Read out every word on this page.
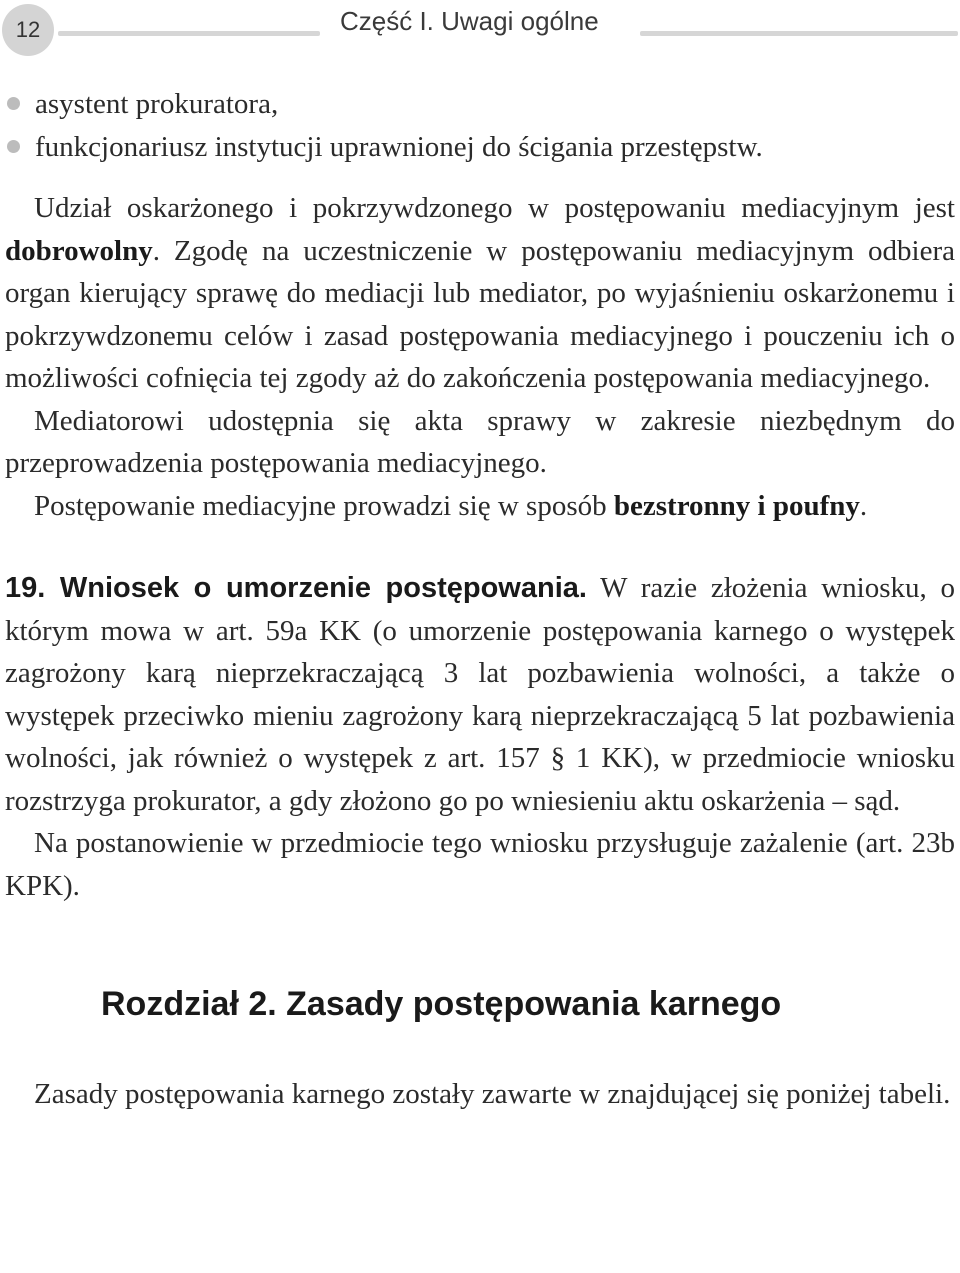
12	Część I. Uwagi ogólne
asystent prokuratora,
funkcjonariusz instytucji uprawnionej do ścigania przestępstw.

Udział oskarżonego i pokrzywdzonego w postępowaniu mediacyjnym jest dobrowolny. Zgodę na uczestniczenie w postępowaniu mediacyjnym odbiera organ kierujący sprawę do mediacji lub mediator, po wyjaśnieniu oskarżonemu i pokrzywdzonemu celów i zasad postępowania mediacyjnego i pouczeniu ich o możliwości cofnięcia tej zgody aż do zakończenia postępowania mediacyjnego.

Mediatorowi udostępnia się akta sprawy w zakresie niezbędnym do przeprowadzenia postępowania mediacyjnego.

Postępowanie mediacyjne prowadzi się w sposób bezstronny i poufny.

19. Wniosek o umorzenie postępowania. W razie złożenia wniosku, o którym mowa w art. 59a KK (o umorzenie postępowania karnego o występek zagrożony karą nieprzekraczającą 3 lat pozbawienia wolności, a także o występek przeciwko mieniu zagrożony karą nieprzekraczającą 5 lat pozbawienia wolności, jak również o występek z art. 157 § 1 KK), w przedmiocie wniosku rozstrzyga prokurator, a gdy złożono go po wniesieniu aktu oskarżenia – sąd.

Na postanowienie w przedmiocie tego wniosku przysługuje zażalenie (art. 23b KPK).

Rozdział 2. Zasady postępowania karnego

Zasady postępowania karnego zostały zawarte w znajdującej się poniżej tabeli.
